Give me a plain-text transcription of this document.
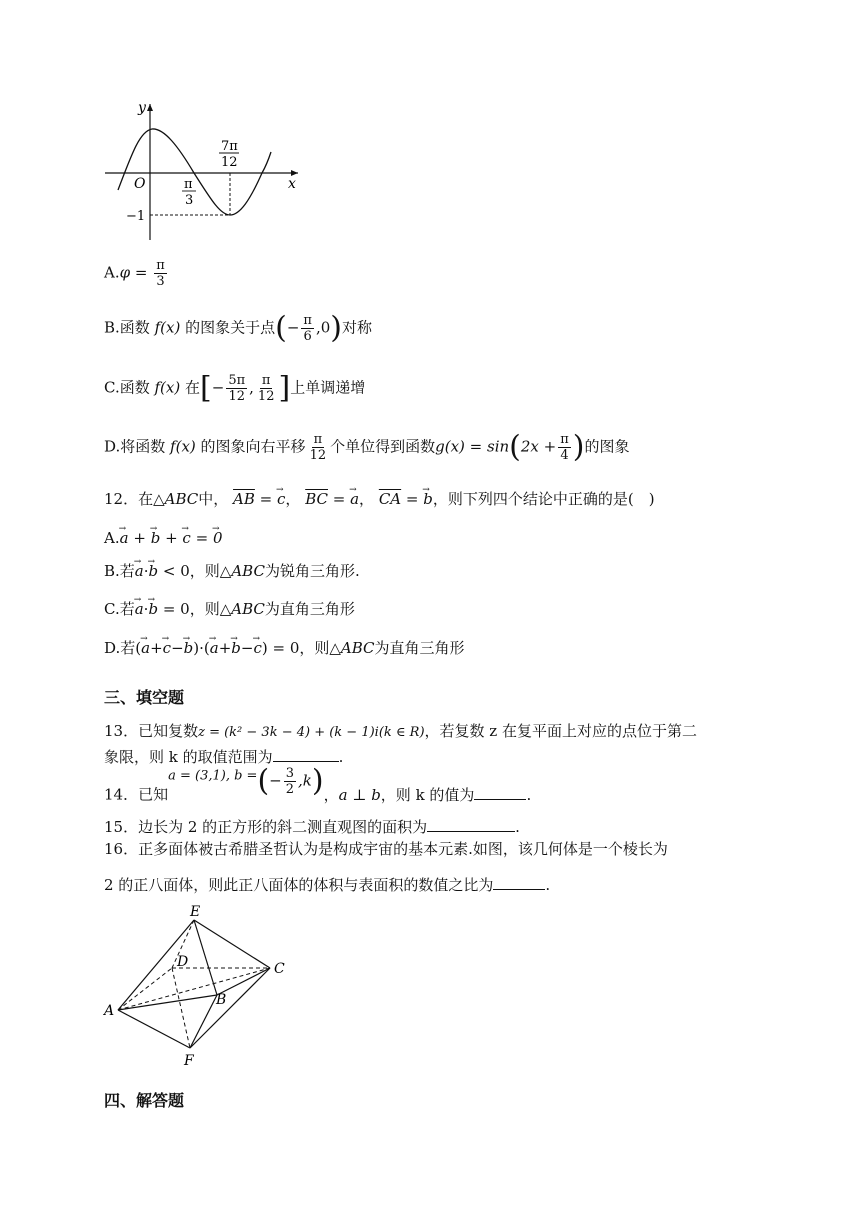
y
x
O	π
3
7π
12
−1
$A.\varphi = \frac{\pi}{3}$
B.函数 f(x) 的图象关于点(− $\frac{\pi}{6} ,0$)对称
C.函数 f(x) 在[− $\frac{5\pi}{12}$ , $\frac{\pi}{12}$ ]上单调递增
D.将函数 f(x) 的图象向右平移 $\frac{\pi}{12}$ 个单位得到函数$g(x) = \sin(2x + \frac{\pi}{4}$ )的图象
12．在△ABC中， $\overline{AB}$ = → c， $\overline{BC}$ = → a， $\overline{CA}$ = → b，则下列四个结论中正确的是(　)
A.→ a + → b + → c = → 0
B.若→ a·→ b < 0，则△ABC为锐角三角形.
C.若→ a·→ b = 0，则△ABC为直角三角形
D.若(→ a+→ c−→ b)·(→ a+→ b−→ c) = 0，则△ABC为直角三角形
三、填空题
13．已知复数z = (k² − 3k − 4) + (k − 1)i(k ∈ R)，若复数 z 在复平面上对应的点位于第二
象限，则 k 的取值范围为	.
14．已知a = (3,1), b =(− $\frac{3}{2} ,k$)，a ⊥ b，则 k 的值为	.
15．边长为 2 的正方形的斜二测直观图的面积为	.
16．正多面体被古希腊圣哲认为是构成宇宙的基本元素.如图，该几何体是一个棱长为
2 的正八面体，则此正八面体的体积与表面积的数值之比为	.
E
D	C
A
B
F
四、解答题
